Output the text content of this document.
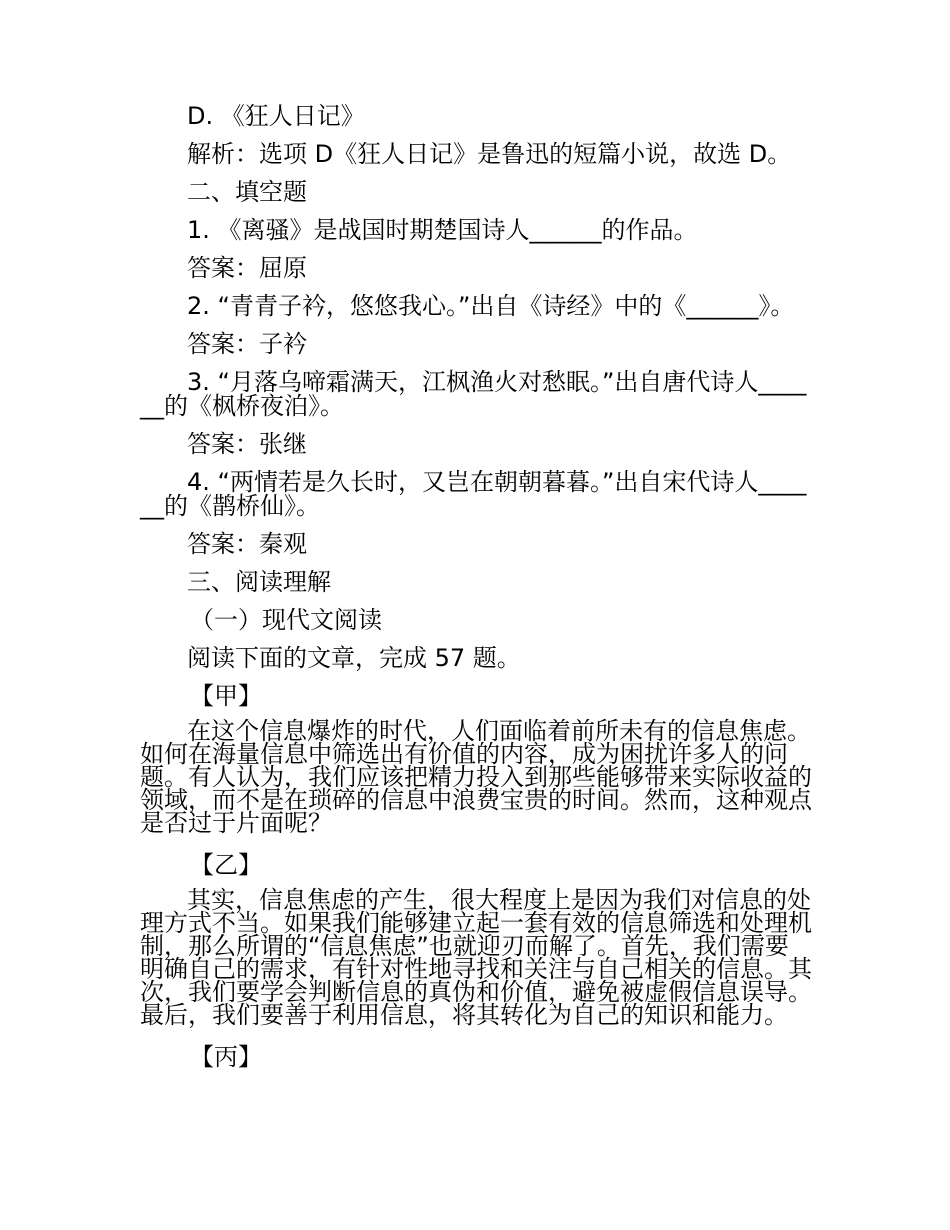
D. 《狂人日记》

解析：选项 D《狂人日记》是鲁迅的短篇小说，故选 D。

二、填空题

1. 《离骚》是战国时期楚国诗人______的作品。

答案：屈原

2. “青青子衿，悠悠我心。”出自《诗经》中的《______》。

答案：子衿

3. “月落乌啼霜满天，江枫渔火对愁眠。”出自唐代诗人______的《枫桥夜泊》。

答案：张继

4. “两情若是久长时，又岂在朝朝暮暮。”出自宋代诗人______的《鹊桥仙》。

答案：秦观

三、阅读理解

（一）现代文阅读

阅读下面的文章，完成 57 题。

【甲】

在这个信息爆炸的时代，人们面临着前所未有的信息焦虑。如何在海量信息中筛选出有价值的内容，成为困扰许多人的问题。有人认为，我们应该把精力投入到那些能够带来实际收益的领域，而不是在琐碎的信息中浪费宝贵的时间。然而，这种观点是否过于片面呢？

【乙】

其实，信息焦虑的产生，很大程度上是因为我们对信息的处理方式不当。如果我们能够建立起一套有效的信息筛选和处理机制，那么所谓的“信息焦虑”也就迎刃而解了。首先，我们需要明确自己的需求，有针对性地寻找和关注与自己相关的信息。其次，我们要学会判断信息的真伪和价值，避免被虚假信息误导。最后，我们要善于利用信息，将其转化为自己的知识和能力。

【丙】
